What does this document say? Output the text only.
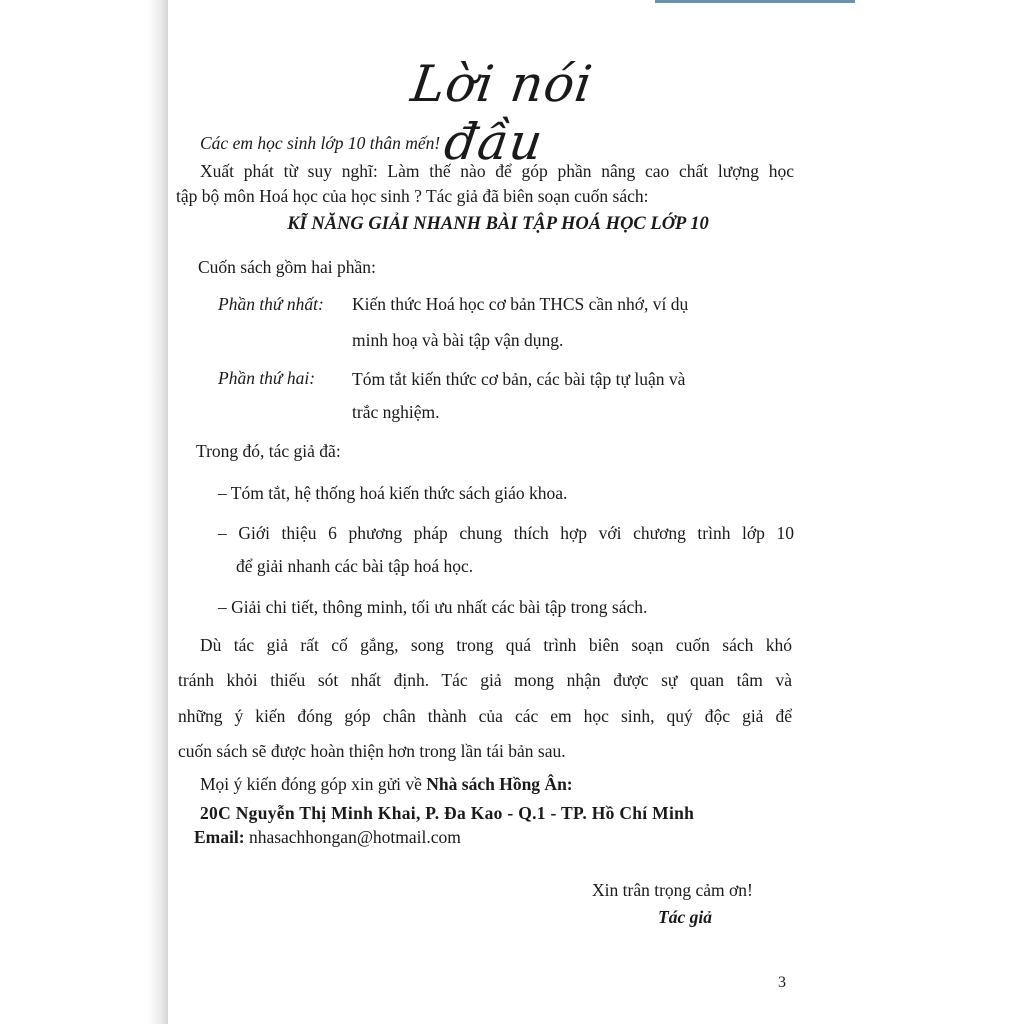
Lời nói đầu
Các em học sinh lớp 10 thân mến!
Xuất phát từ suy nghĩ: Làm thế nào để góp phần nâng cao chất lượng học
tập bộ môn Hoá học của học sinh ? Tác giả đã biên soạn cuốn sách:
KĨ NĂNG GIẢI NHANH BÀI TẬP HOÁ HỌC LỚP 10
Cuốn sách gồm hai phần:
Phần thứ nhất: Kiến thức Hoá học cơ bản THCS cần nhớ, ví dụ
minh hoạ và bài tập vận dụng.
Phần thứ hai: Tóm tắt kiến thức cơ bản, các bài tập tự luận và
trắc nghiệm.
Trong đó, tác giả đã:
– Tóm tắt, hệ thống hoá kiến thức sách giáo khoa.
– Giới thiệu 6 phương pháp chung thích hợp với chương trình lớp 10
để giải nhanh các bài tập hoá học.
– Giải chi tiết, thông minh, tối ưu nhất các bài tập trong sách.
Dù tác giả rất cố gắng, song trong quá trình biên soạn cuốn sách khó
tránh khỏi thiếu sót nhất định. Tác giả mong nhận được sự quan tâm và
những ý kiến đóng góp chân thành của các em học sinh, quý độc giả để
cuốn sách sẽ được hoàn thiện hơn trong lần tái bản sau.
Mọi ý kiến đóng góp xin gửi về Nhà sách Hồng Ân:
20C Nguyễn Thị Minh Khai, P. Đa Kao - Q.1 - TP. Hồ Chí Minh
Email: nhasachhongan@hotmail.com
Xin trân trọng cảm ơn!
Tác giả
3
